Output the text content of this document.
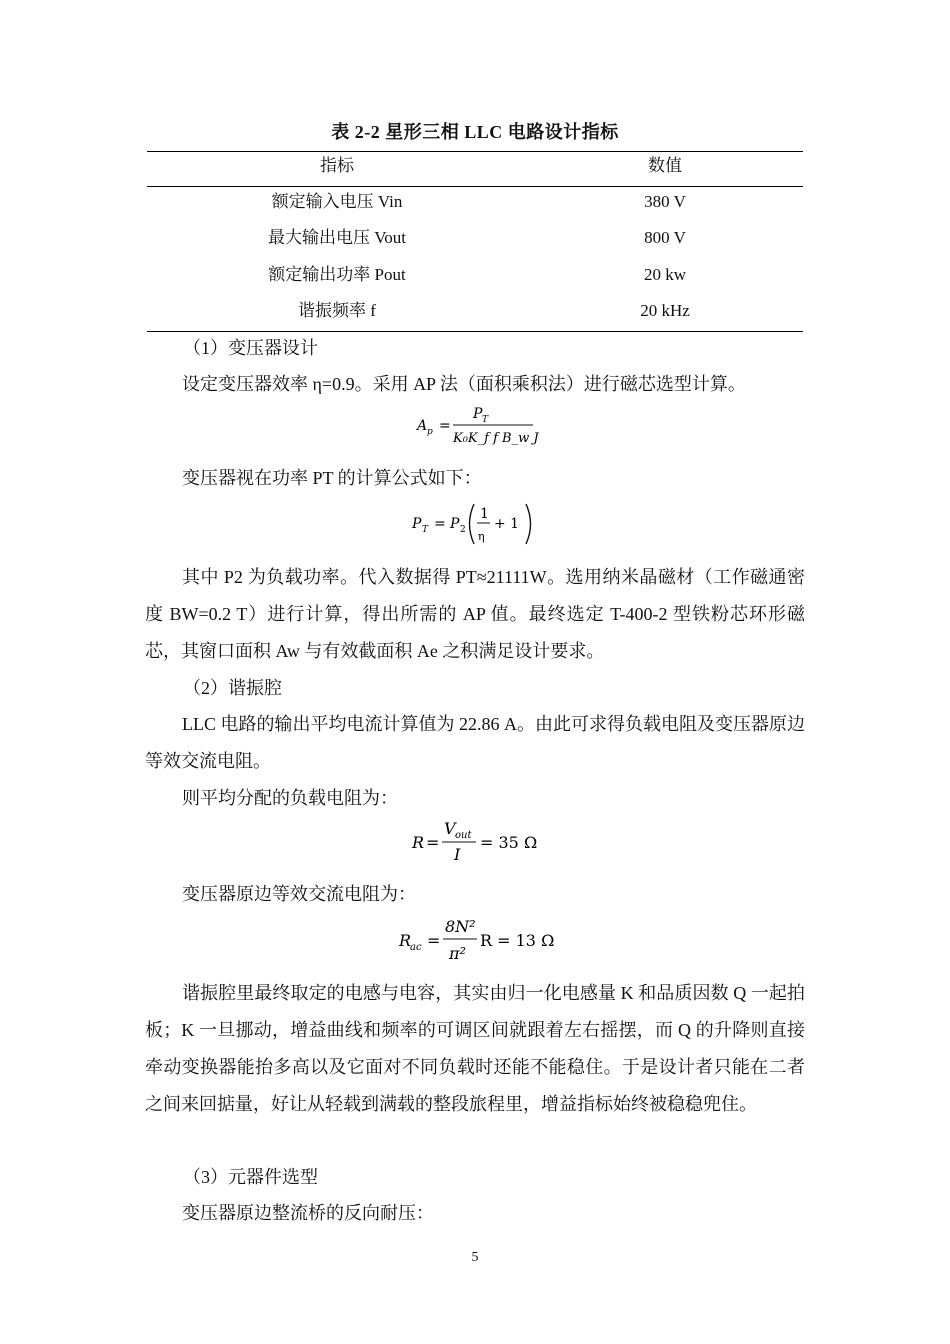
表 2-2 星形三相 LLC 电路设计指标
指标	数值
额定输入电压 Vin	380 V
最大输出电压 Vout	800 V
额定输出功率 Pout	20 kw
谐振频率 f	20 kHz
（1）变压器设计
设定变压器效率 η=0.9。采用 AP 法（面积乘积法）进行磁芯选型计算。
A p =
P T
K₀K_f f B_w J
变压器视在功率 PT 的计算公式如下：
P T = P 2
1
η
+ 1
其中 P2 为负载功率。代入数据得 PT≈21111W。选用纳米晶磁材（工作磁通密度 BW=0.2 T）进行计算，得出所需的 AP 值。最终选定 T-400-2 型铁粉芯环形磁芯，其窗口面积 Aw 与有效截面积 Ae 之积满足设计要求。
（2）谐振腔
LLC 电路的输出平均电流计算值为 22.86 A。由此可求得负载电阻及变压器原边等效交流电阻。
则平均分配的负载电阻为：
R =
V out
I
= 35 Ω
变压器原边等效交流电阻为：
R
ac =
8N²
π²
R = 13 Ω
谐振腔里最终取定的电感与电容，其实由归一化电感量 K 和品质因数 Q 一起拍板；K 一旦挪动，增益曲线和频率的可调区间就跟着左右摇摆，而 Q 的升降则直接牵动变换器能抬多高以及它面对不同负载时还能不能稳住。于是设计者只能在二者之间来回掂量，好让从轻载到满载的整段旅程里，增益指标始终被稳稳兜住。
（3）元器件选型
变压器原边整流桥的反向耐压：
5
